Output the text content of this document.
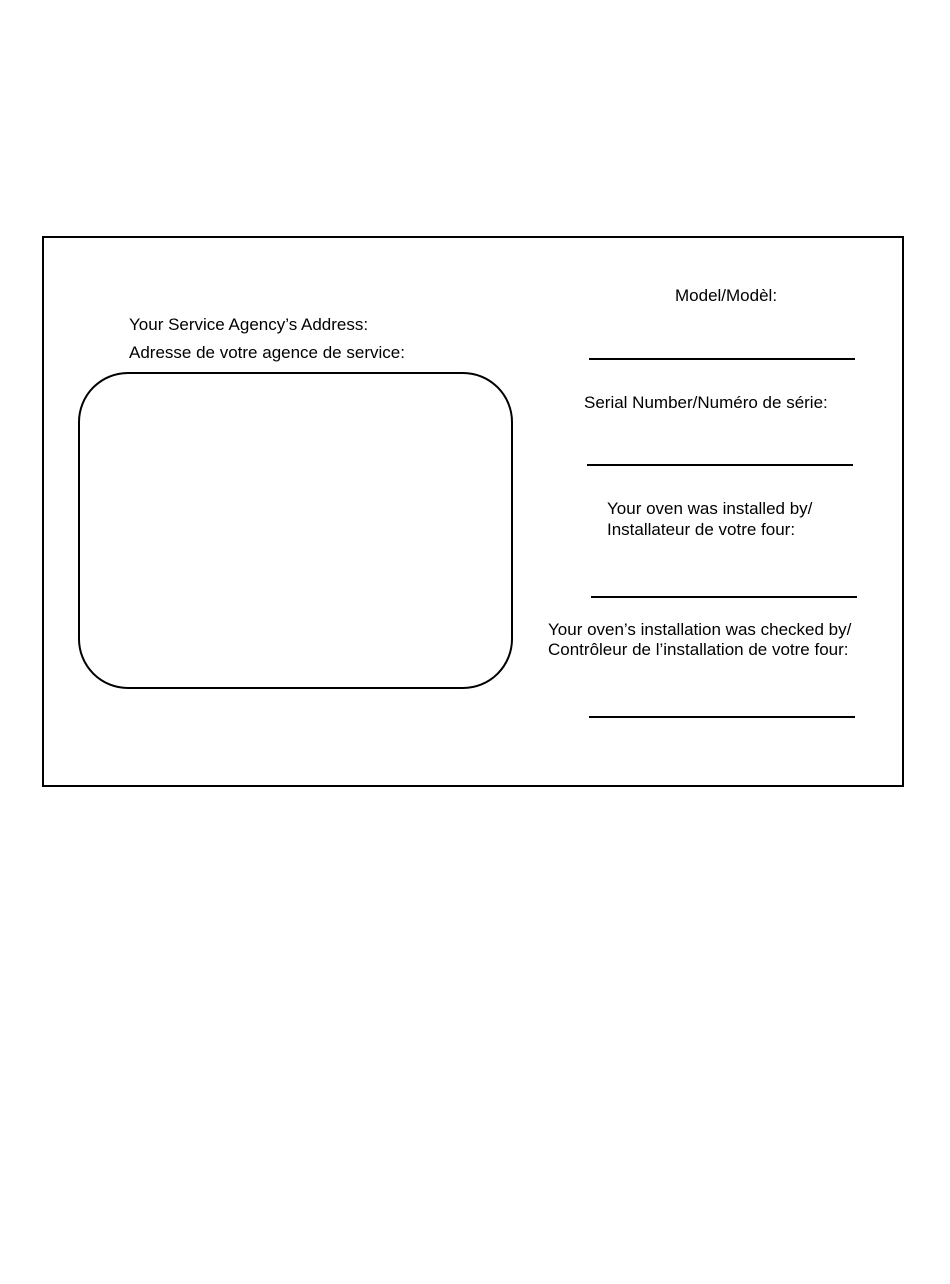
Your Service Agency’s Address:

Adresse de votre agence de service:

Model/Modèl:

Serial Number/Numéro de série:

Your oven was installed by/

Installateur de votre four:

Your oven’s installation was checked by/

Contrôleur de l’installation de votre four:
